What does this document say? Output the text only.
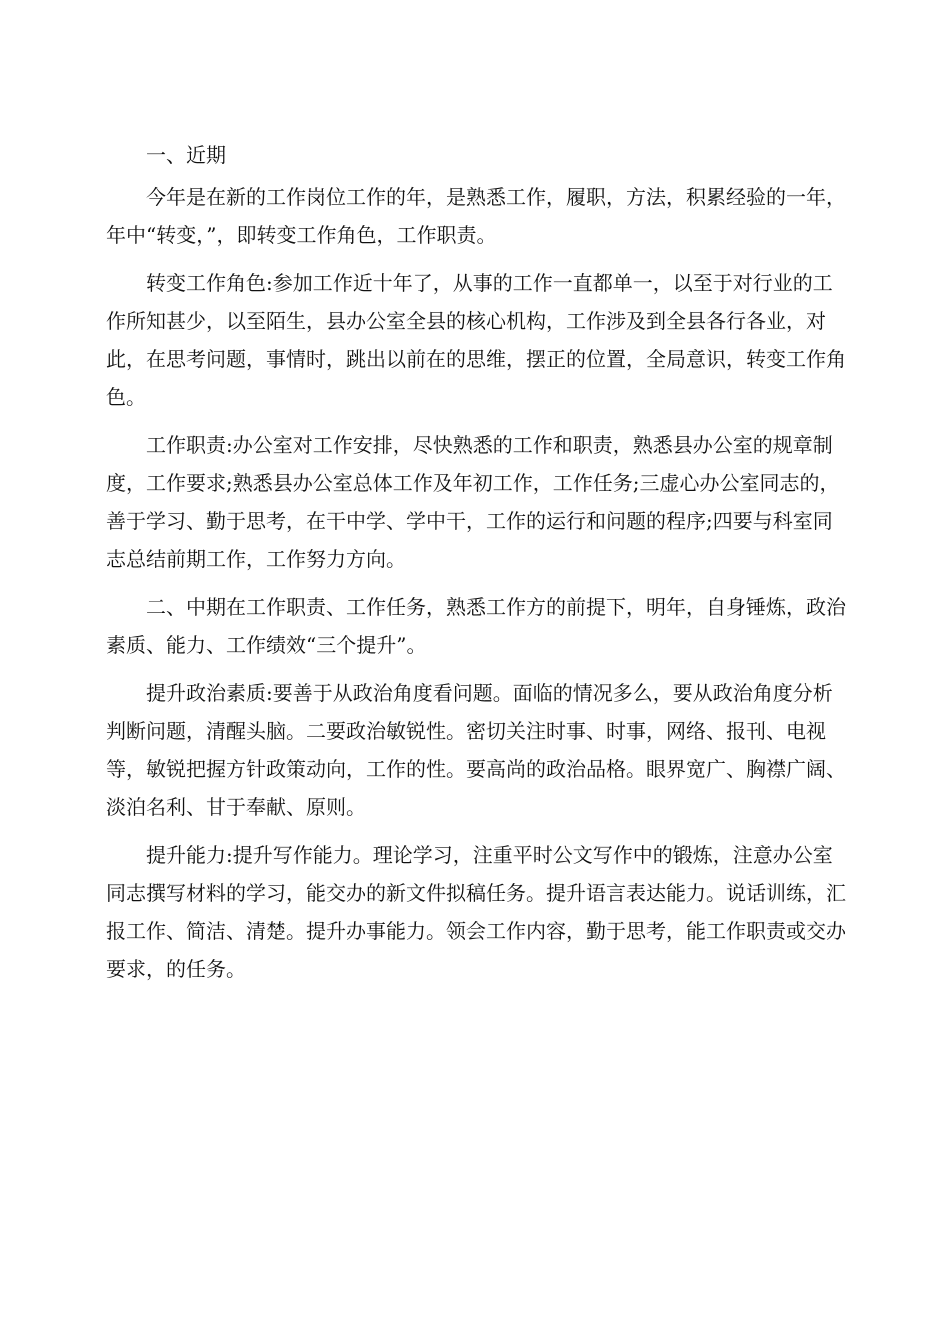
一、近期

今年是在新的工作岗位工作的年，是熟悉工作，履职，方法，积累经验的一年，年中“转变，”，即转变工作角色，工作职责。

转变工作角色:参加工作近十年了，从事的工作一直都单一，以至于对行业的工作所知甚少，以至陌生，县办公室全县的核心机构，工作涉及到全县各行各业，对此，在思考问题，事情时，跳出以前在的思维，摆正的位置，全局意识，转变工作角色。

工作职责:办公室对工作安排，尽快熟悉的工作和职责，熟悉县办公室的规章制度，工作要求;熟悉县办公室总体工作及年初工作，工作任务;三虚心办公室同志的，善于学习、勤于思考，在干中学、学中干，工作的运行和问题的程序;四要与科室同志总结前期工作，工作努力方向。

二、中期在工作职责、工作任务，熟悉工作方的前提下，明年，自身锤炼，政治素质、能力、工作绩效“三个提升”。

提升政治素质:要善于从政治角度看问题。面临的情况多么，要从政治角度分析判断问题，清醒头脑。二要政治敏锐性。密切关注时事、时事，网络、报刊、电视等，敏锐把握方针政策动向，工作的性。要高尚的政治品格。眼界宽广、胸襟广阔、淡泊名利、甘于奉献、原则。

提升能力:提升写作能力。理论学习，注重平时公文写作中的锻炼，注意办公室同志撰写材料的学习，能交办的新文件拟稿任务。提升语言表达能力。说话训练，汇报工作、简洁、清楚。提升办事能力。领会工作内容，勤于思考，能工作职责或交办要求，的任务。
